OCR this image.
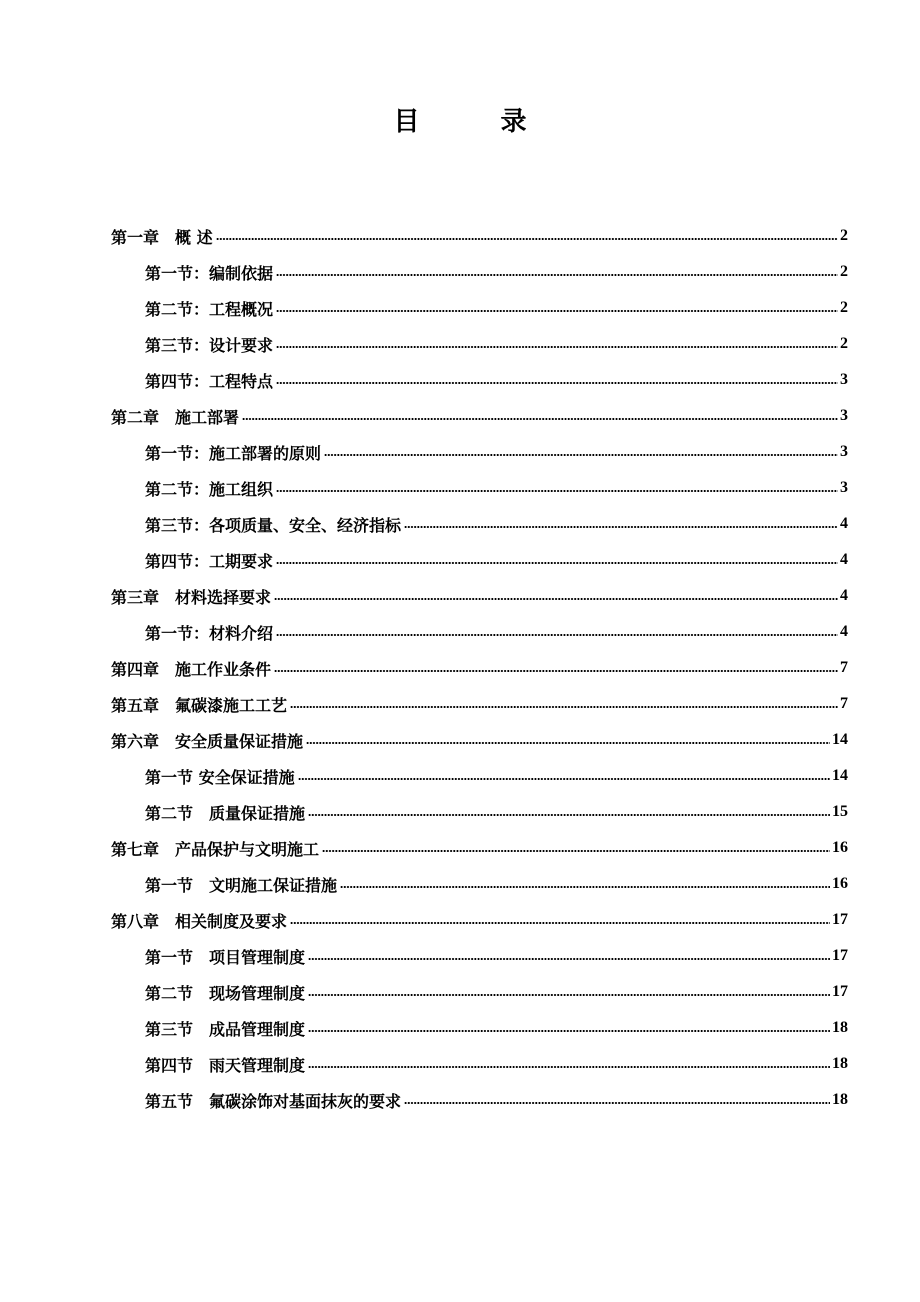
目 录
第一章　概 述	2
第一节：编制依据	2
第二节：工程概况	2
第三节：设计要求	2
第四节：工程特点	3
第二章　施工部署	3
第一节：施工部署的原则	3
第二节：施工组织	3
第三节：各项质量、安全、经济指标	4
第四节：工期要求	4
第三章　材料选择要求	4
第一节：材料介绍	4
第四章　施工作业条件	7
第五章　氟碳漆施工工艺	7
第六章　安全质量保证措施	14
第一节 安全保证措施	14
第二节　质量保证措施	15
第七章　产品保护与文明施工	16
第一节　文明施工保证措施	16
第八章　相关制度及要求	17
第一节　项目管理制度	17
第二节　现场管理制度	17
第三节　成品管理制度	18
第四节　雨天管理制度	18
第五节　氟碳涂饰对基面抹灰的要求	18
